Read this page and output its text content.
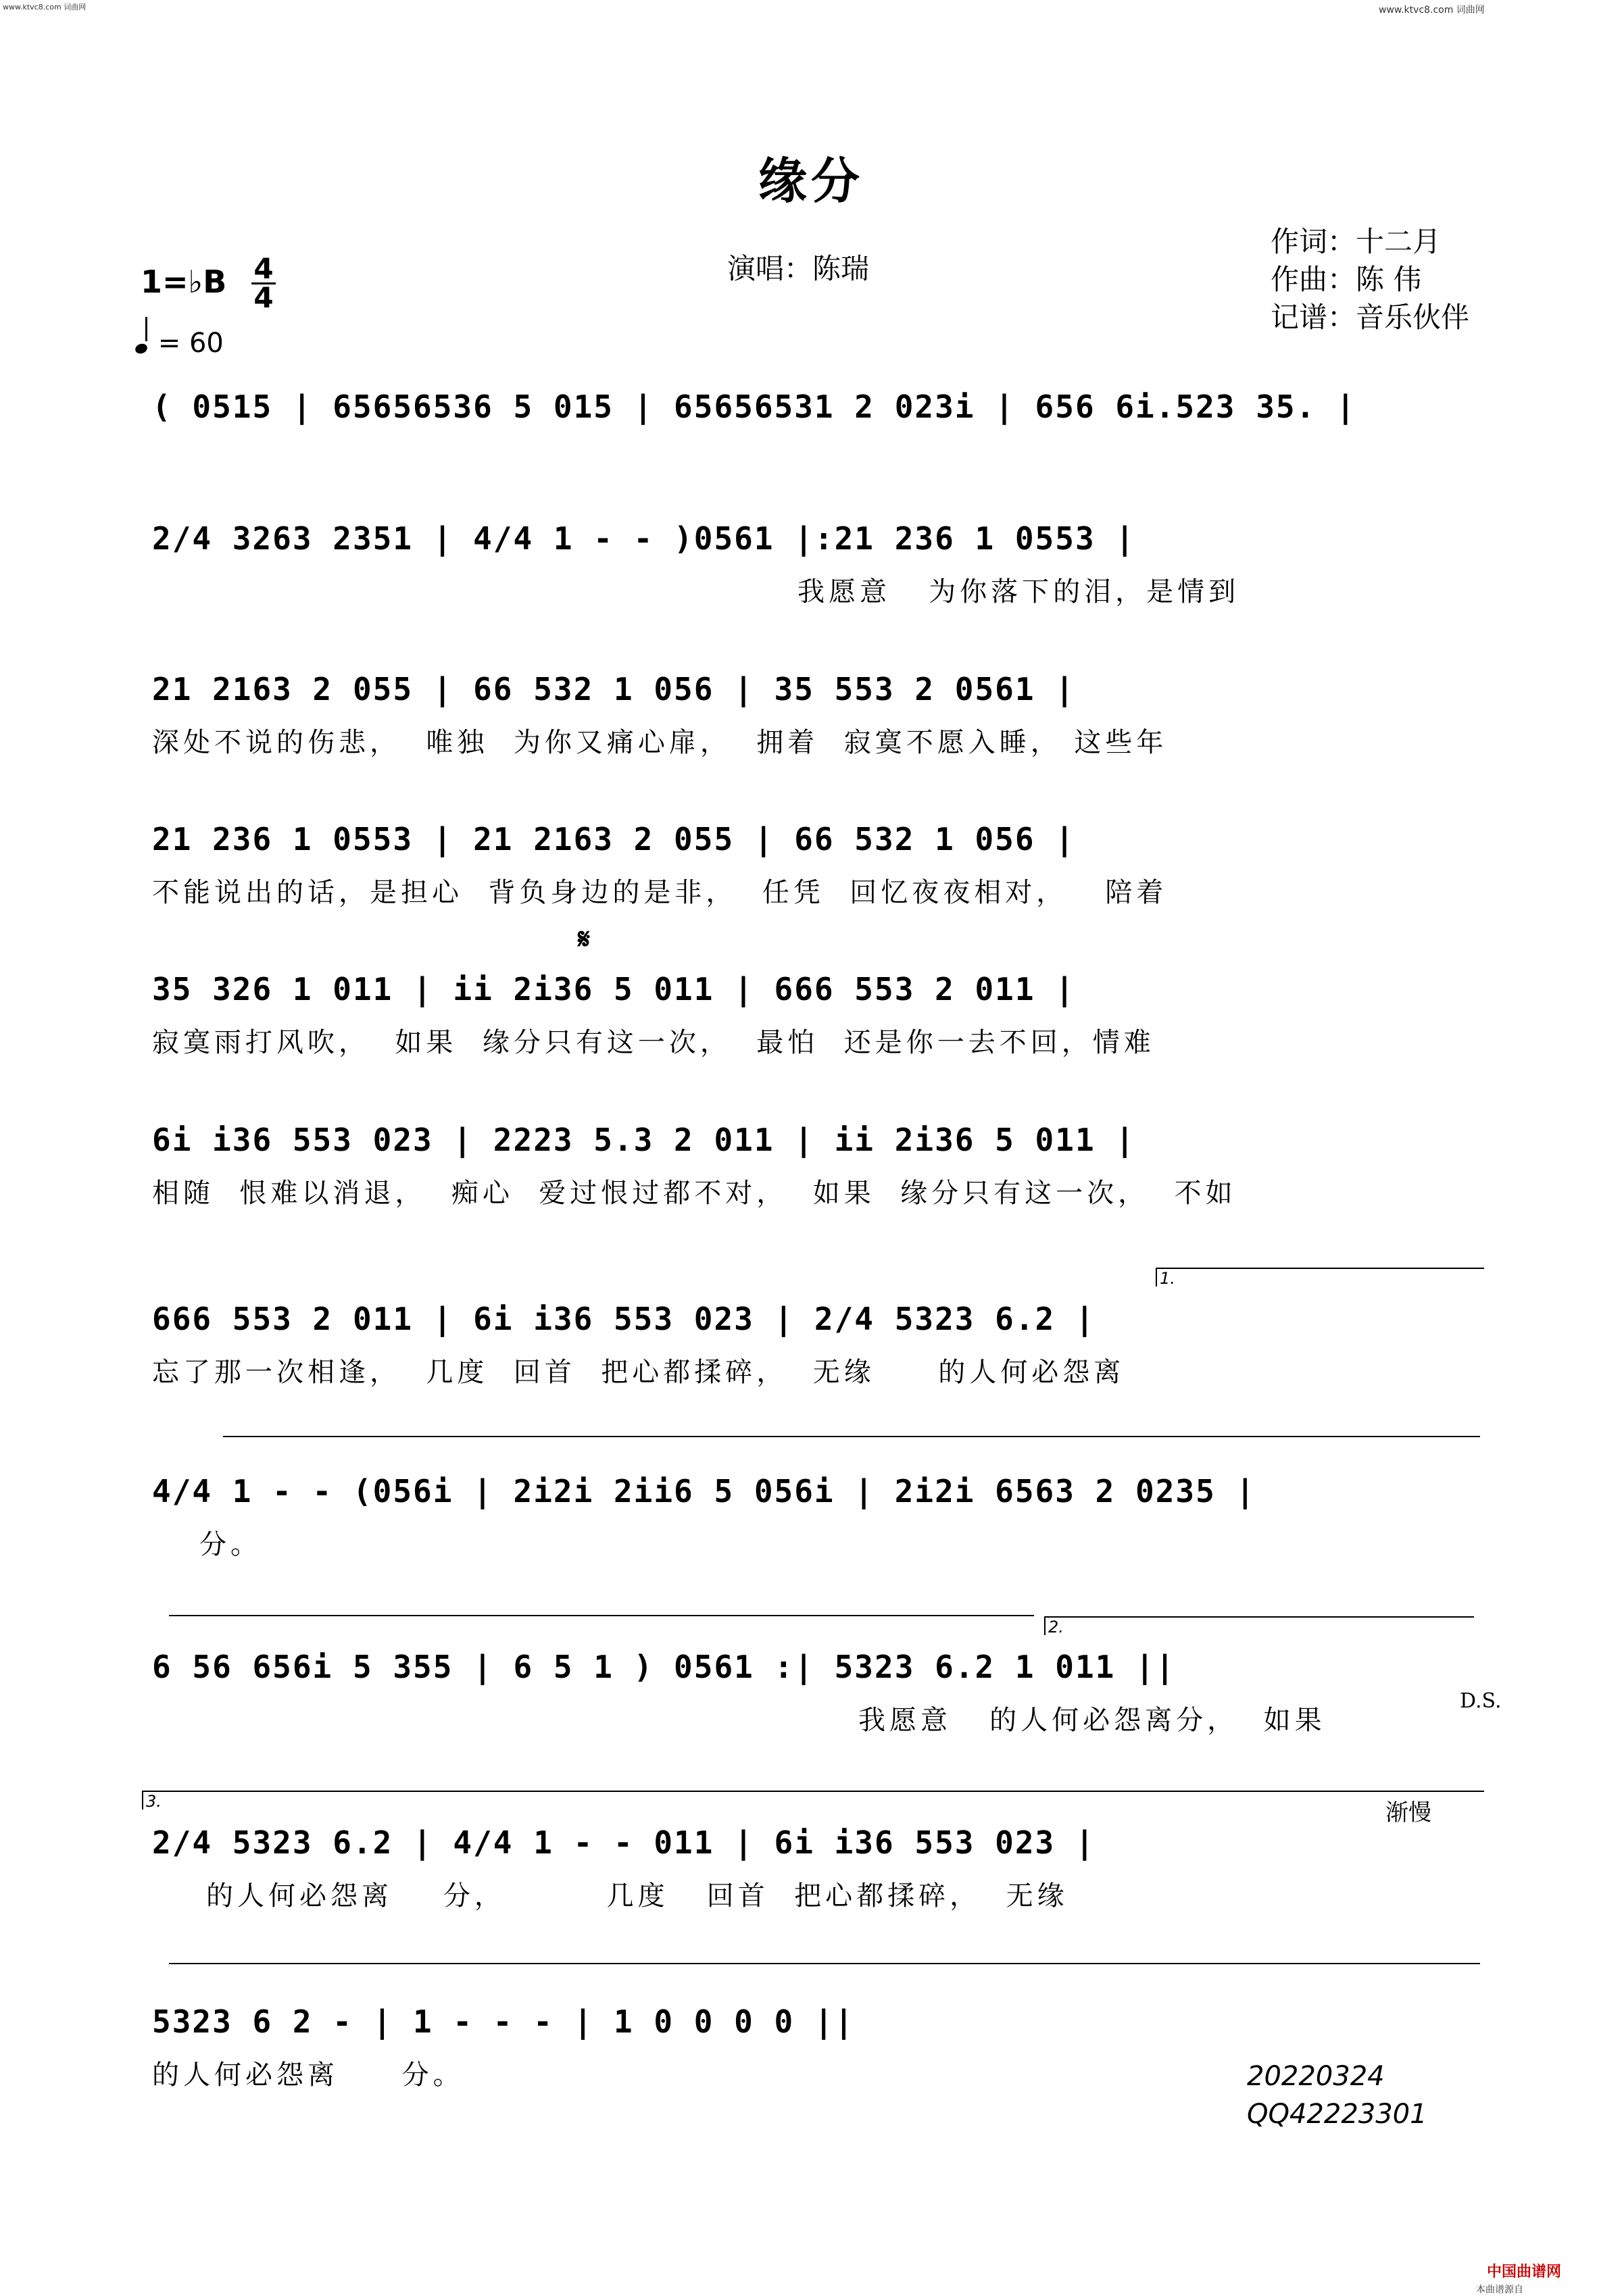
www.ktvc8.com 词曲网	www.ktvc8.com 词曲网
缘分
演唱：陈瑞
作词：十二月
作曲：陈 伟
记谱：音乐伙伴
1=♭B 4
4
= 60
( 0515 | 65656536 5 015 | 65656531 2 023i | 656 6i.523 35. |
2/4 3263 2351 | 4/4 1 - - )0561 |:21 236 1 0553 |
我愿意   为你落下的泪，是情到
21 2163 2 055 | 66 532 1 056 | 35 553 2 0561 |
深处不说的伤悲，  唯独  为你又痛心扉，  拥着  寂寞不愿入睡， 这些年
21 236 1 0553 | 21 2163 2 055 | 66 532 1 056 |
不能说出的话，是担心  背负身边的是非，  任凭  回忆夜夜相对，   陪着
𝄋
35 326 1 011 | ii 2i36 5 011 | 666 553 2 011 |
寂寞雨打风吹，  如果  缘分只有这一次，  最怕  还是你一去不回，情难
6i i36 553 023 | 2223 5.3 2 011 | ii 2i36 5 011 |
相随  恨难以消退，  痴心  爱过恨过都不对，  如果  缘分只有这一次，  不如
1.
666 553 2 011 | 6i i36 553 023 | 2/4 5323 6.2 |
忘了那一次相逢，  几度  回首  把心都揉碎，  无缘     的人何必怨离
4/4 1 - - (056i | 2i2i 2ii6 5 056i | 2i2i 6563 2 0235 |
分。
2.
6 56 656i 5 355 | 6 5 1 ) 0561 :| 5323 6.2 1 011 ||
我愿意   的人何必怨离分，  如果
D.S.
3.	渐慢
2/4 5323 6.2 | 4/4 1 - - 011 | 6i i36 553 023 |
的人何必怨离    分，        几度   回首  把心都揉碎，  无缘
5323 6 2 - | 1 - - - | 1 0 0 0 0 ||
的人何必怨离     分。	20220324
QQ42223301
中国曲谱网
本曲谱源自
